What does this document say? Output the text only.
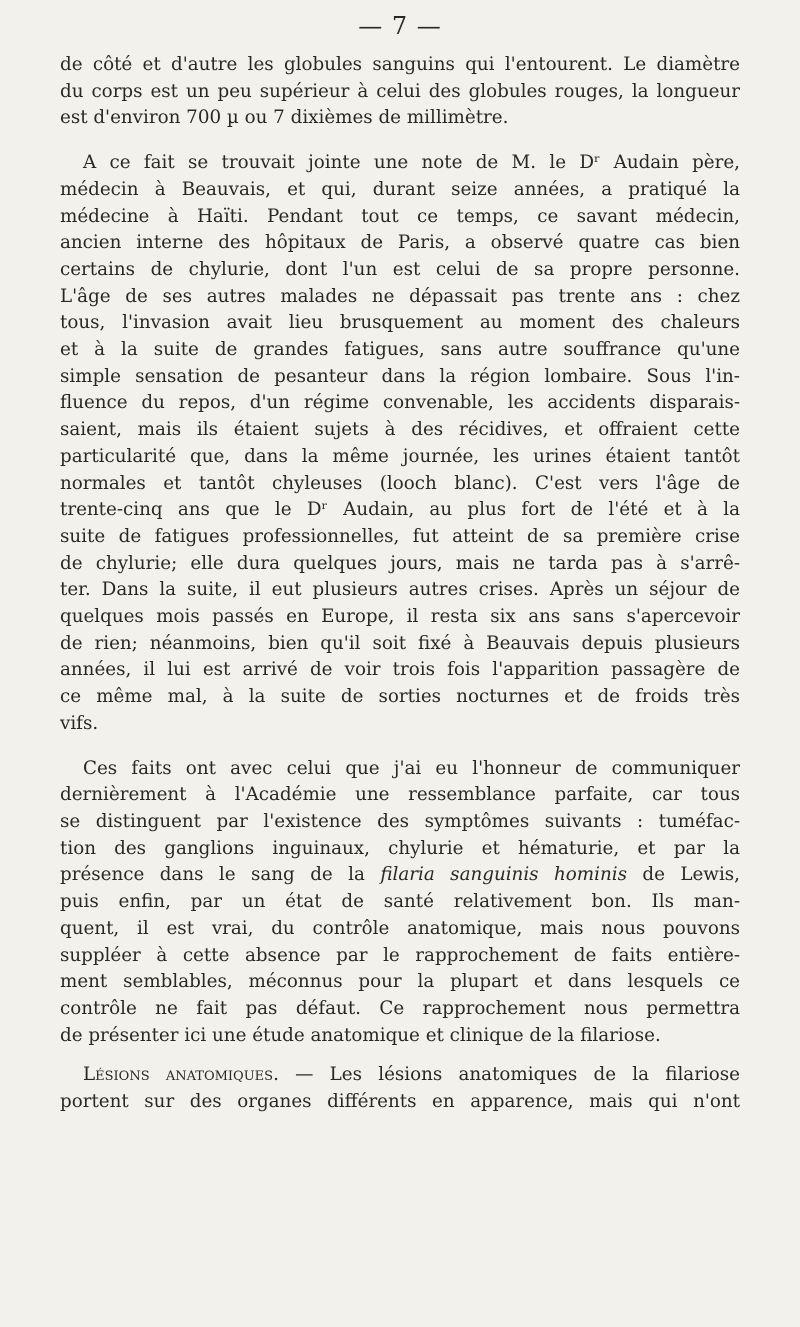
— 7 —
de côté et d'autre les globules sanguins qui l'entourent. Le diamètre
du corps est un peu supérieur à celui des globules rouges, la longueur
est d'environ 700 µ ou 7 dixièmes de millimètre.
A ce fait se trouvait jointe une note de M. le Dʳ Audain père,
médecin à Beauvais, et qui, durant seize années, a pratiqué la
médecine à Haïti. Pendant tout ce temps, ce savant médecin,
ancien interne des hôpitaux de Paris, a observé quatre cas bien
certains de chylurie, dont l'un est celui de sa propre personne.
L'âge de ses autres malades ne dépassait pas trente ans : chez
tous, l'invasion avait lieu brusquement au moment des chaleurs
et à la suite de grandes fatigues, sans autre souffrance qu'une
simple sensation de pesanteur dans la région lombaire. Sous l'in-
fluence du repos, d'un régime convenable, les accidents disparais-
saient, mais ils étaient sujets à des récidives, et offraient cette
particularité que, dans la même journée, les urines étaient tantôt
normales et tantôt chyleuses (looch blanc). C'est vers l'âge de
trente-cinq ans que le Dʳ Audain, au plus fort de l'été et à la
suite de fatigues professionnelles, fut atteint de sa première crise
de chylurie; elle dura quelques jours, mais ne tarda pas à s'arrê-
ter. Dans la suite, il eut plusieurs autres crises. Après un séjour de
quelques mois passés en Europe, il resta six ans sans s'apercevoir
de rien; néanmoins, bien qu'il soit fixé à Beauvais depuis plusieurs
années, il lui est arrivé de voir trois fois l'apparition passagère de
ce même mal, à la suite de sorties nocturnes et de froids très
vifs.
Ces faits ont avec celui que j'ai eu l'honneur de communiquer
dernièrement à l'Académie une ressemblance parfaite, car tous
se distinguent par l'existence des symptômes suivants : tuméfac-
tion des ganglions inguinaux, chylurie et hématurie, et par la
présence dans le sang de la filaria sanguinis hominis de Lewis,
puis enfin, par un état de santé relativement bon. Ils man-
quent, il est vrai, du contrôle anatomique, mais nous pouvons
suppléer à cette absence par le rapprochement de faits entière-
ment semblables, méconnus pour la plupart et dans lesquels ce
contrôle ne fait pas défaut. Ce rapprochement nous permettra
de présenter ici une étude anatomique et clinique de la filariose.
Lésions anatomiques. — Les lésions anatomiques de la filariose
portent sur des organes différents en apparence, mais qui n'ont
